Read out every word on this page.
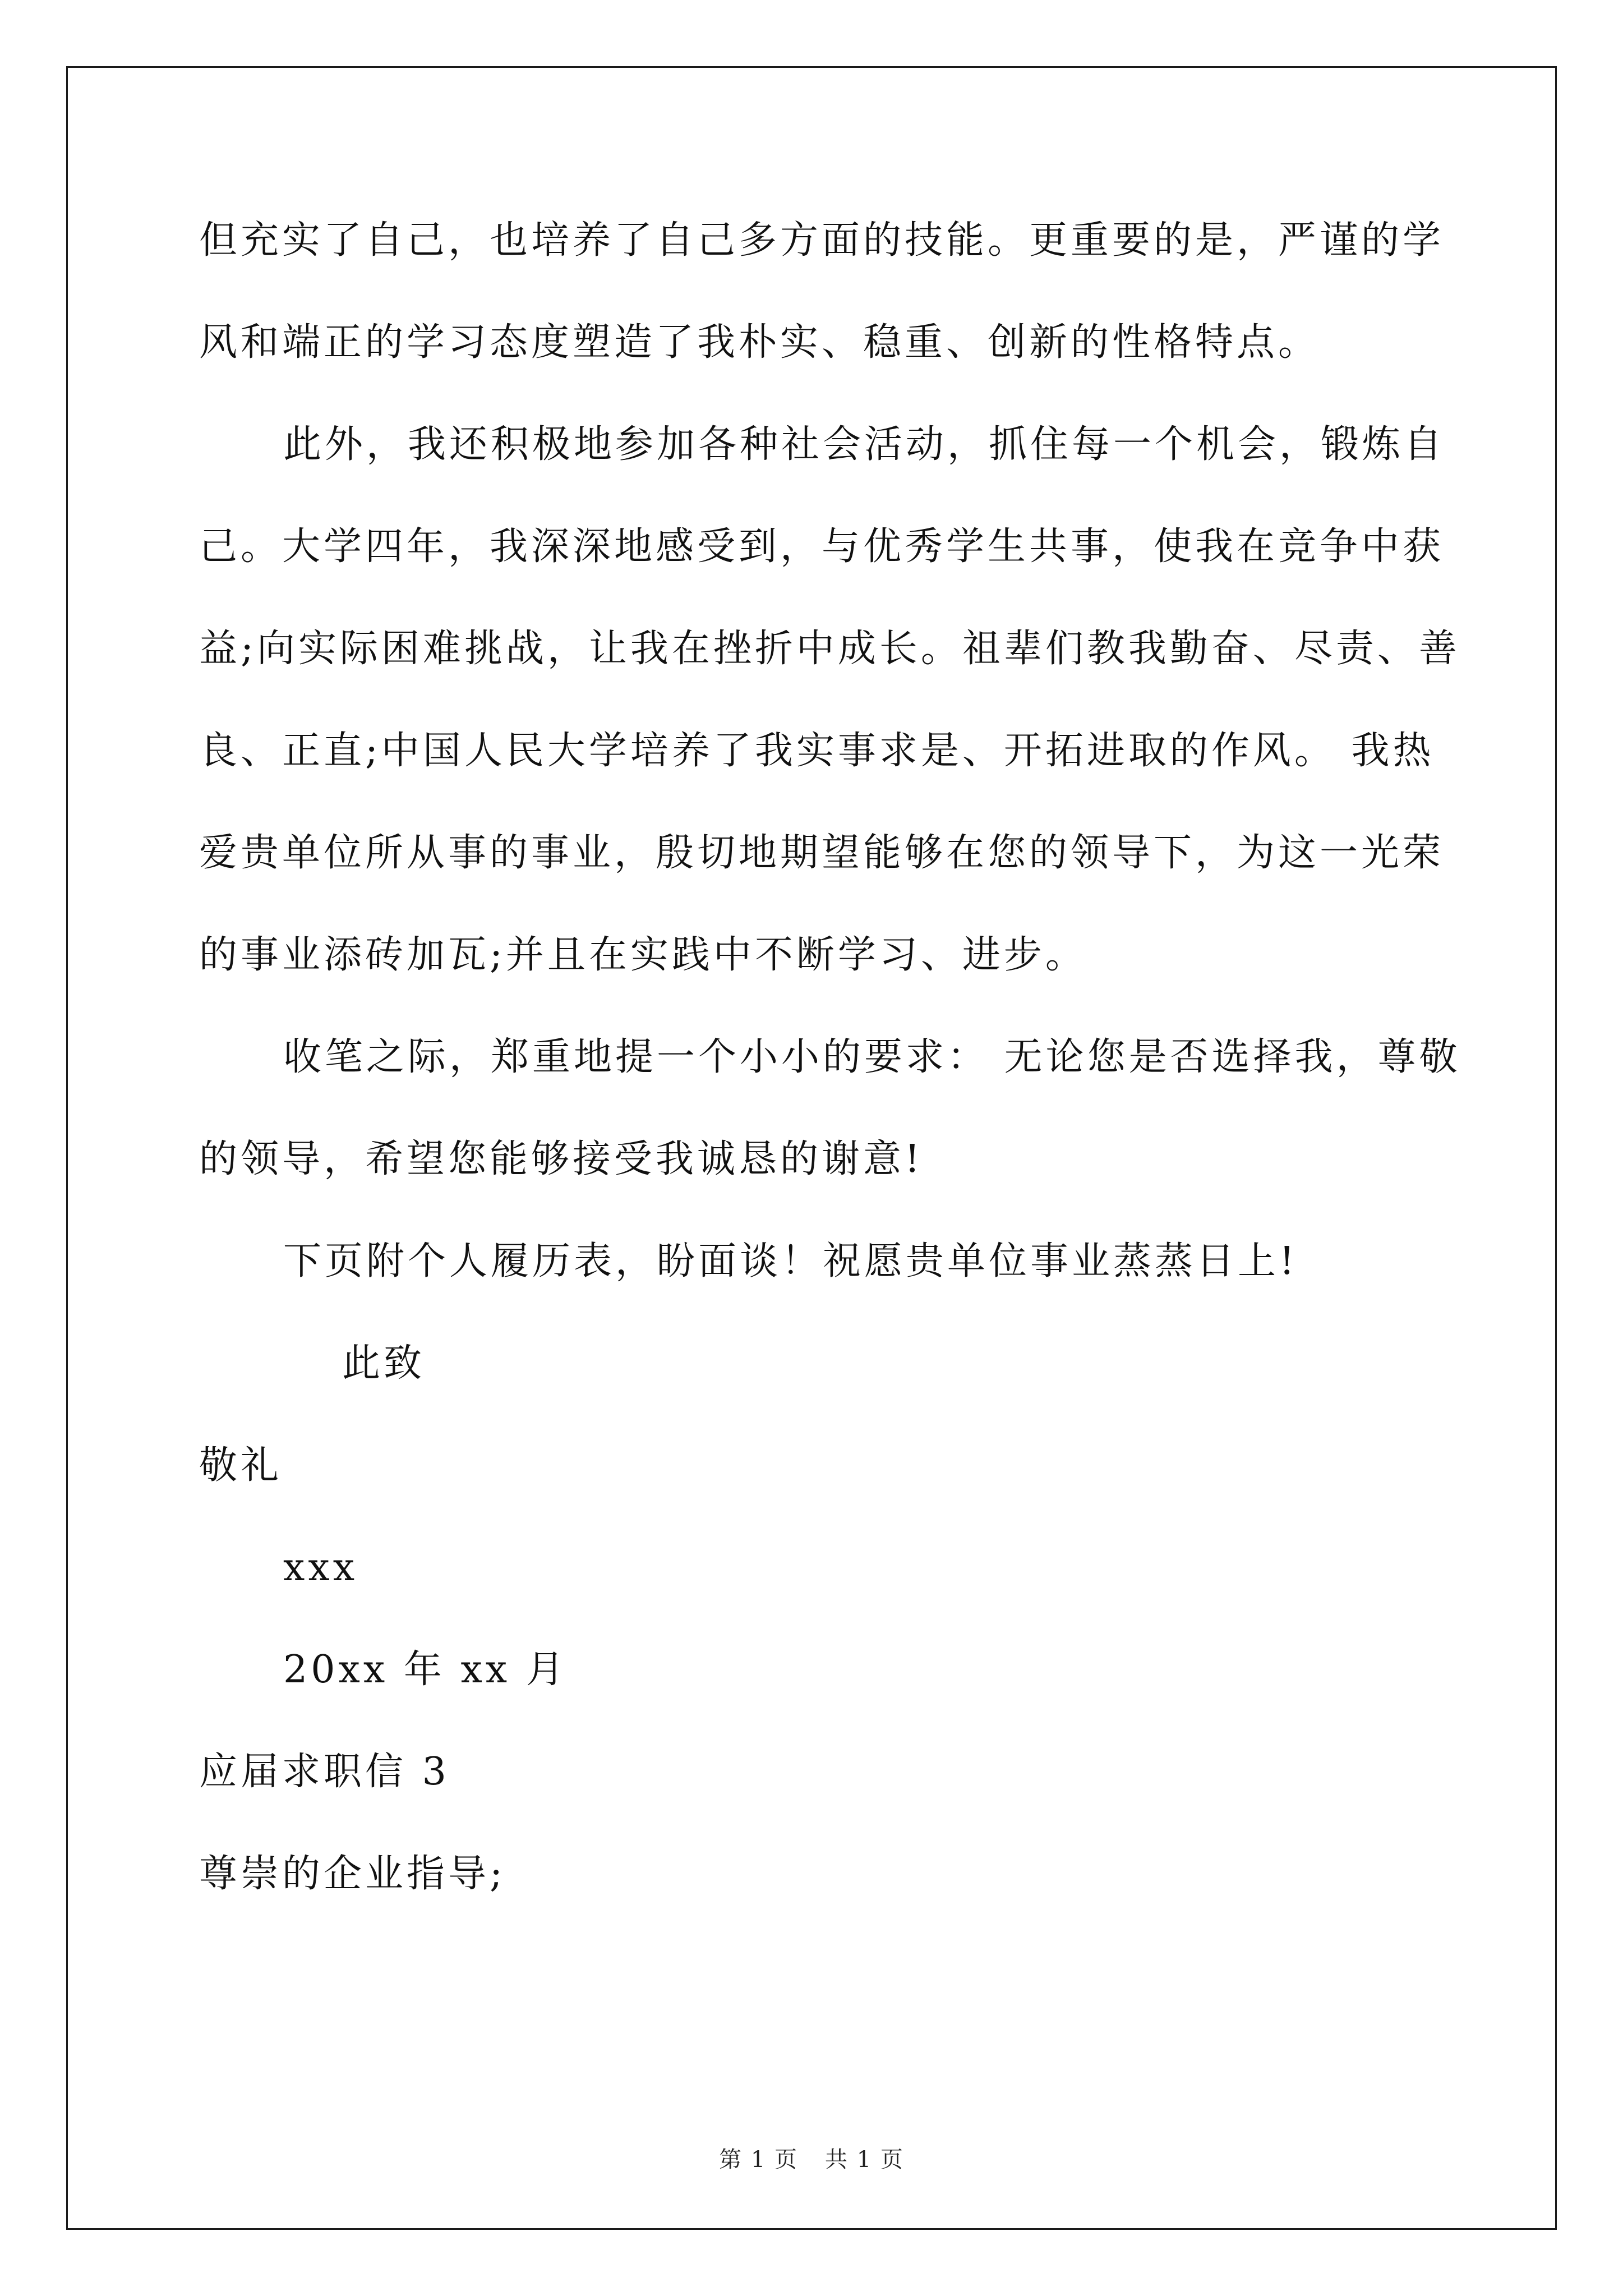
但充实了自己，也培养了自己多方面的技能。更重要的是，严谨的学
风和端正的学习态度塑造了我朴实、稳重、创新的性格特点。
此外，我还积极地参加各种社会活动，抓住每一个机会，锻炼自
己。大学四年，我深深地感受到，与优秀学生共事，使我在竞争中获
益;向实际困难挑战，让我在挫折中成长。祖辈们教我勤奋、尽责、善
良、正直;中国人民大学培养了我实事求是、开拓进取的作风。 我热
爱贵单位所从事的事业，殷切地期望能够在您的领导下，为这一光荣
的事业添砖加瓦;并且在实践中不断学习、进步。
收笔之际，郑重地提一个小小的要求： 无论您是否选择我，尊敬
的领导，希望您能够接受我诚恳的谢意!
下页附个人履历表，盼面谈！祝愿贵单位事业蒸蒸日上!
此致
敬礼
xxx
20xx 年 xx 月
应届求职信 3
尊崇的企业指导;
第 1 页 共 1 页
